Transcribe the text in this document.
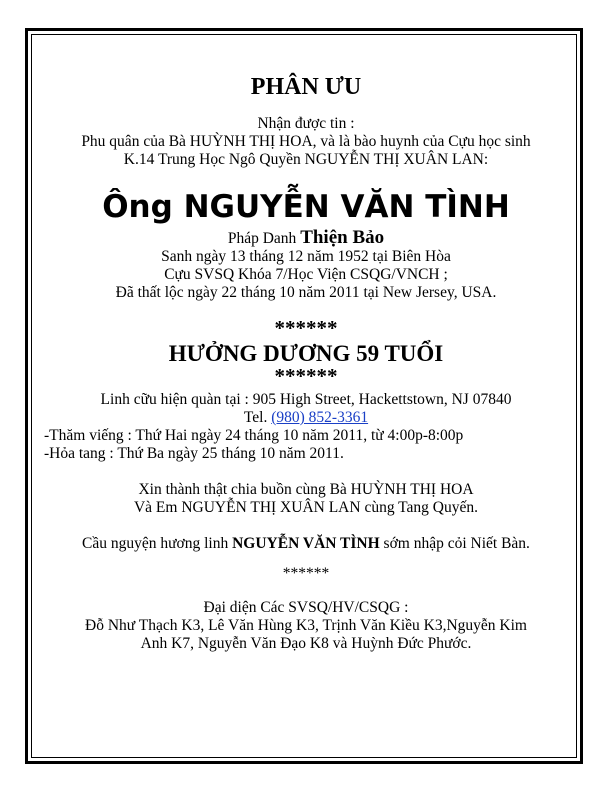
PHÂN ƯU
Nhận được tin :
Phu quân của Bà HUỲNH THỊ HOA, và là bào huynh của Cựu học sinh
K.14 Trung Học Ngô Quyền NGUYỄN THỊ XUÂN LAN:
Ông NGUYỄN VĂN TÌNH
Pháp Danh Thiện Bảo
Sanh ngày 13 tháng 12 năm 1952 tại Biên Hòa
Cựu SVSQ Khóa 7/Học Viện CSQG/VNCH ;
Đã thất lộc ngày 22 tháng 10 năm 2011 tại New Jersey, USA.
******
HƯỞNG DƯƠNG 59 TUỔI
******
Linh cữu hiện quàn tại : 905 High Street, Hackettstown, NJ 07840
Tel. (980) 852-3361
-Thăm viếng : Thứ Hai ngày 24 tháng 10 năm 2011, từ 4:00p-8:00p
-Hỏa tang : Thứ Ba ngày 25 tháng 10 năm 2011.
Xin thành thật chia buồn cùng Bà HUỲNH THỊ HOA
Và Em NGUYỄN THỊ XUÂN LAN cùng Tang Quyến.
Cầu nguyện hương linh NGUYỄN VĂN TÌNH sớm nhập cỏi Niết Bàn.
******
Đại diện Các SVSQ/HV/CSQG :
Đỗ Như Thạch K3, Lê Văn Hùng K3, Trịnh Văn Kiều K3,Nguyễn Kim
Anh K7, Nguyễn Văn Đạo K8 và Huỳnh Đức Phước.
